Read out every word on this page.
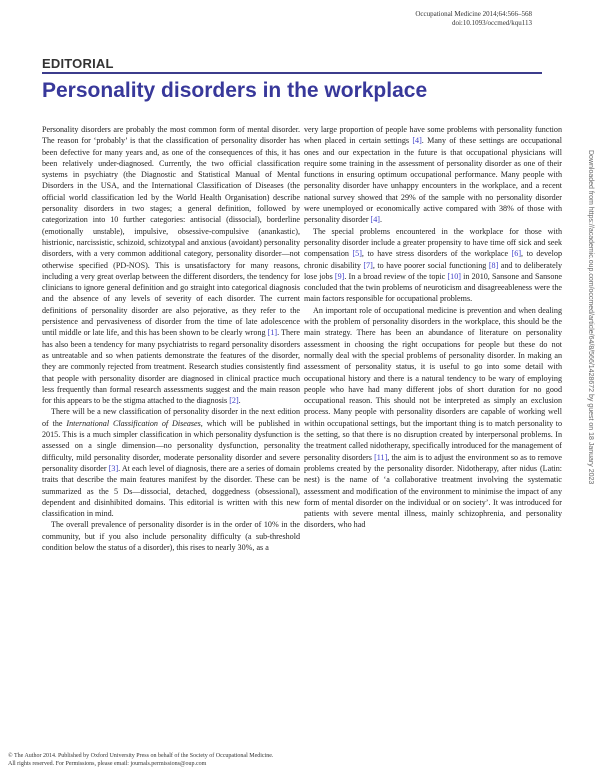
Occupational Medicine 2014;64:566–568
doi:10.1093/occmed/kqu113
EDITORIAL
Personality disorders in the workplace

Personality disorders are probably the most common form of mental disorder. The reason for ‘probably’ is that the classification of personality disorder has been defective for many years and, as one of the consequences of this, it has been relatively under-diagnosed. Currently, the two official classification systems in psychiatry (the Diagnostic and Statistical Manual of Mental Disorders in the USA, and the International Classification of Diseases (the official world classification led by the World Health Organisation) describe personality disorders in two stages; a general definition, followed by categorization into 10 further categories: antisocial (dissocial), borderline (emotionally unstable), impulsive, obsessive-compulsive (anankastic), histrionic, narcissistic, schizoid, schizotypal and anxious (avoidant) personality disorders, with a very common additional category, personality disorder—not otherwise specified (PD-NOS). This is unsatisfactory for many reasons, including a very great overlap between the different disorders, the tendency for clinicians to ignore general definition and go straight into categorical diagnosis and the absence of any levels of severity of each disorder. The current definitions of personality disorder are also pejorative, as they refer to the persistence and pervasiveness of disorder from the time of late adolescence until middle or late life, and this has been shown to be clearly wrong [1]. There has also been a tendency for many psychiatrists to regard personality disorders as untreatable and so when patients demonstrate the features of the disorder, they are commonly rejected from treatment. Research studies consistently find that people with personality disorder are diagnosed in clinical practice much less frequently than formal research assessments suggest and the main reason for this appears to be the stigma attached to the diagnosis [2].

There will be a new classification of personality disorder in the next edition of the International Classification of Diseases, which will be published in 2015. This is a much simpler classification in which personality dysfunction is assessed on a single dimension—no personality dysfunction, personality difficulty, mild personality disorder, moderate personality disorder and severe personality disorder [3]. At each level of diagnosis, there are a series of domain traits that describe the main features manifest by the disorder. These can be summarized as the 5 Ds—dissocial, detached, doggedness (obsessional), dependent and disinhibited domains. This editorial is written with this new classification in mind.

The overall prevalence of personality disorder is in the order of 10% in the community, but if you also include personality difficulty (a sub-threshold condition below the status of a disorder), this rises to nearly 30%, as a

very large proportion of people have some problems with personality function when placed in certain settings [4]. Many of these settings are occupational ones and our expectation in the future is that occupational physicians will require some training in the assessment of personality disorder as one of their functions in ensuring optimum occupational performance. Many people with personality disorder have unhappy encounters in the workplace, and a recent national survey showed that 29% of the sample with no personality disorder were unemployed or economically active compared with 38% of those with personality disorder [4].

The special problems encountered in the workplace for those with personality disorder include a greater propensity to have time off sick and seek compensation [5], to have stress disorders of the workplace [6], to develop chronic disability [7], to have poorer social functioning [8] and to deliberately lose jobs [9]. In a broad review of the topic [10] in 2010, Sansone and Sansone concluded that the twin problems of neuroticism and disagreeableness were the main factors responsible for occupational problems.

An important role of occupational medicine is prevention and when dealing with the problem of personality disorders in the workplace, this should be the main strategy. There has been an abundance of literature on personality assessment in choosing the right occupations for people but these do not normally deal with the special problems of personality disorder. In making an assessment of personality status, it is useful to go into some detail with occupational history and there is a natural tendency to be wary of employing people who have had many different jobs of short duration for no good occupational reason. This should not be interpreted as simply an exclusion process. Many people with personality disorders are capable of working well within occupational settings, but the important thing is to match personality to the setting, so that there is no disruption created by interpersonal problems. In the treatment called nidotherapy, specifically introduced for the management of personality disorders [11], the aim is to adjust the environment so as to remove problems created by the personality disorder. Nidotherapy, after nidus (Latin: nest) is the name of ‘a collaborative treatment involving the systematic assessment and modification of the environment to minimise the impact of any form of mental disorder on the individual or on society’. It was introduced for patients with severe mental illness, mainly schizophrenia, and personality disorders, who had

Downloaded from https://academic.oup.com/occmed/article/64/8/566/1428672 by guest on 18 January 2023
© The Author 2014. Published by Oxford University Press on behalf of the Society of Occupational Medicine.
All rights reserved. For Permissions, please email: journals.permissions@oup.com
